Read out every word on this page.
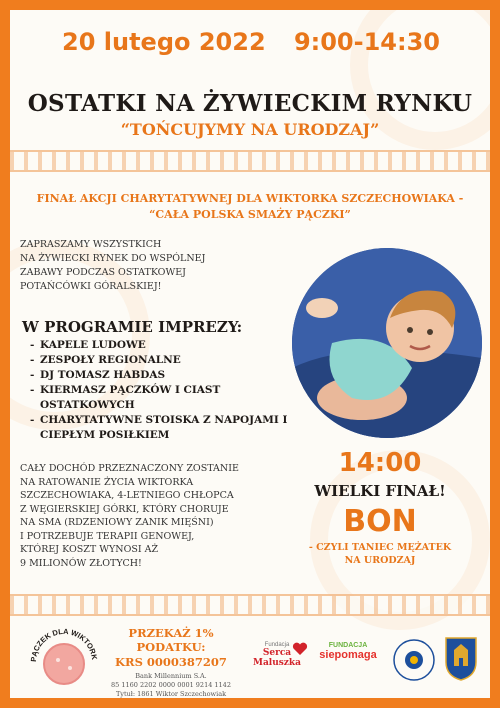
20 lutego 2022 9:00-14:30
OSTATKI NA ŻYWIECKIM RYNKU
“TOŃCUJYMY NA URODZAJ”
FINAŁ AKCJI CHARYTATYWNEJ DLA WIKTORKA SZCZECHOWIAKA -
“CAŁA POLSKA SMAŻY PĄCZKI”
ZAPRASZAMY WSZYSTKICH
NA ŻYWIECKI RYNEK DO WSPÓLNEJ
ZABAWY PODCZAS OSTATKOWEJ
POTAŃCÓWKI GÓRALSKIEJ!
W PROGRAMIE IMPREZY:
- KAPELE LUDOWE
- ZESPOŁY REGIONALNE
- DJ TOMASZ HABDAS
- KIERMASZ PĄCZKÓW I CIAST OSTATKOWYCH
- CHARYTATYWNE STOISKA Z NAPOJAMI I CIEPŁYM POSIŁKIEM
CAŁY DOCHÓD PRZEZNACZONY ZOSTANIE
NA RATOWANIE ŻYCIA WIKTORKA
SZCZECHOWIAKA, 4-LETNIEGO CHŁOPCA
Z WĘGIERSKIEJ GÓRKI, KTÓRY CHORUJE
NA SMA (RDZENIOWY ZANIK MIĘŚNI)
I POTRZEBUJE TERAPII GENOWEJ,
KTÓREJ KOSZT WYNOSI AŻ
9 MILIONÓW ZŁOTYCH!
14:00
WIELKI FINAŁ!
BON
- CZYLI TANIEC MĘŻATEK
NA URODZAJ
PĄCZEK DLA WIKTORK
PRZEKAŻ 1% PODATKU:
KRS 0000387207
Bank Millennium S.A.
85 1160 2202 0000 0001 9214 1142
Tytuł: 1861 Wiktor Szczechowiak
Fundacja
Serca Maluszka
FUNDACJA
siepomaga
